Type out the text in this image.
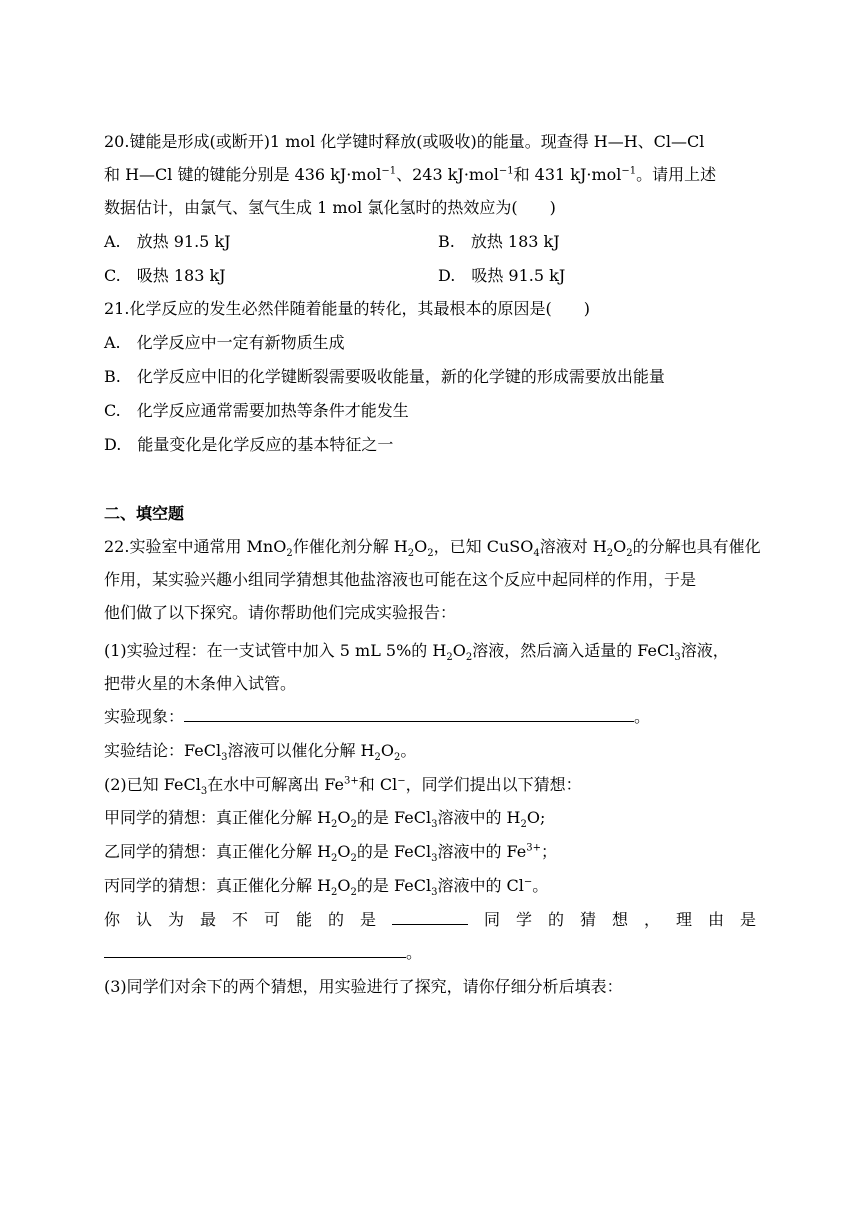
20.键能是形成(或断开)1 mol 化学键时释放(或吸收)的能量。现查得 H—H、Cl—Cl
和 H—Cl 键的键能分别是 436 kJ·mol$^{-1}$、243 kJ·mol$^{-1}$和 431 kJ·mol$^{-1}$。请用上述
数据估计，由氯气、氢气生成 1 mol 氯化氢时的热效应为(　　)
A.　放热 91.5 kJ	B.　放热 183 kJ
C.　吸热 183 kJ	D.　吸热 91.5 kJ
21.化学反应的发生必然伴随着能量的转化，其最根本的原因是(　　)
A.　化学反应中一定有新物质生成
B.　化学反应中旧的化学键断裂需要吸收能量，新的化学键的形成需要放出能量
C.　化学反应通常需要加热等条件才能发生
D.　能量变化是化学反应的基本特征之一
二、填空题
22.实验室中通常用 MnO$_2$作催化剂分解 $H_2O_2$，已知 CuSO$_4$溶液对 $H_2O_2$的分解也具有催化
作用，某实验兴趣小组同学猜想其他盐溶液也可能在这个反应中起同样的作用，于是
他们做了以下探究。请你帮助他们完成实验报告：
(1)实验过程：在一支试管中加入 5 mL 5%的 $H_2O_2$溶液，然后滴入适量的 FeCl$_3$溶液，
把带火星的木条伸入试管。
实验现象：	。
实验结论：FeCl$_3$溶液可以催化分解 $H_2O_2$。
(2)已知 FeCl$_3$在水中可解离出 $Fe^{3+}$和 Cl−，同学们提出以下猜想：
甲同学的猜想：真正催化分解 $H_2O_2$的是 FeCl$_3$溶液中的 $H_2O$;
乙同学的猜想：真正催化分解 $H_2O_2$的是 FeCl$_3$溶液中的 $Fe^{3+}$；
丙同学的猜想：真正催化分解 $H_2O_2$的是 FeCl$_3$溶液中的 Cl−。
你 认 为 最 不 可 能 的 是	同 学 的 猜 想 ， 理 由 是
。
(3)同学们对余下的两个猜想，用实验进行了探究，请你仔细分析后填表：
